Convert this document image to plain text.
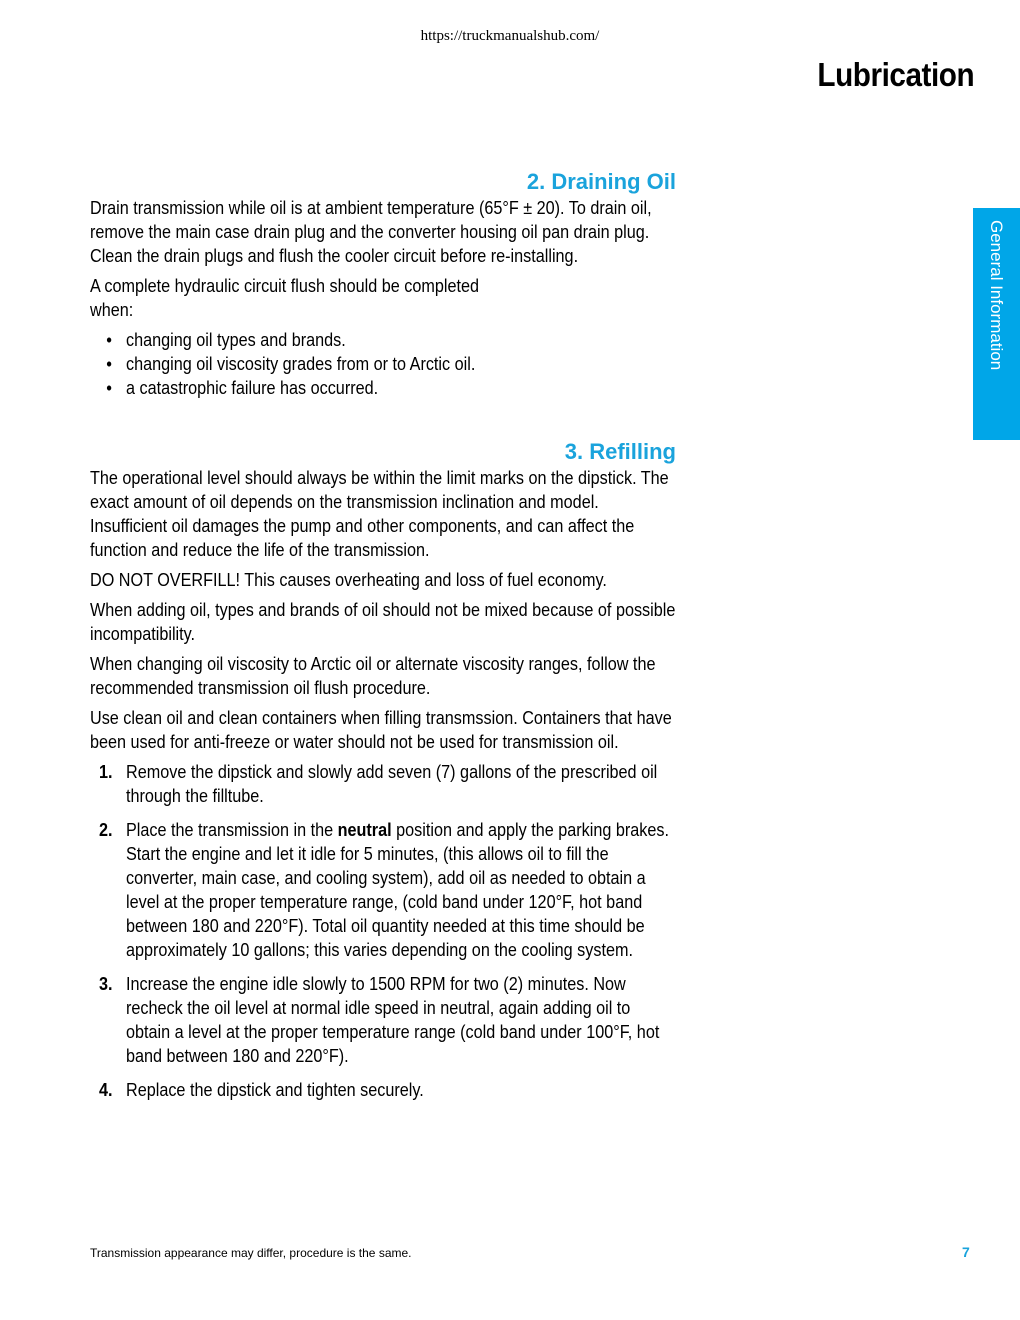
https://truckmanualshub.com/
Lubrication
General Information
2. Draining Oil

Drain transmission while oil is at ambient temperature (65°F ± 20). To drain oil, remove the main case drain plug and the converter housing oil pan drain plug. Clean the drain plugs and flush the cooler circuit before re-installing.

A complete hydraulic circuit flush should be completed when:

• changing oil types and brands.
• changing oil viscosity grades from or to Arctic oil.
• a catastrophic failure has occurred.
3. Refilling

The operational level should always be within the limit marks on the dipstick. The exact amount of oil depends on the transmission inclination and model. Insufficient oil damages the pump and other components, and can affect the function and reduce the life of the transmission.

DO NOT OVERFILL! This causes overheating and loss of fuel economy.

When adding oil, types and brands of oil should not be mixed because of possible incompatibility.

When changing oil viscosity to Arctic oil or alternate viscosity ranges, follow the recommended transmission oil flush procedure.

Use clean oil and clean containers when filling transmssion. Containers that have been used for anti-freeze or water should not be used for transmission oil.

1. Remove the dipstick and slowly add seven (7) gallons of the prescribed oil through the filltube.
2. Place the transmission in the neutral position and apply the parking brakes. Start the engine and let it idle for 5 minutes, (this allows oil to fill the converter, main case, and cooling system), add oil as needed to obtain a level at the proper temperature range, (cold band under 120°F, hot band between 180 and 220°F). Total oil quantity needed at this time should be approximately 10 gallons; this varies depending on the cooling system.
3. Increase the engine idle slowly to 1500 RPM for two (2) minutes. Now recheck the oil level at normal idle speed in neutral, again adding oil to obtain a level at the proper temperature range (cold band under 100°F, hot band between 180 and 220°F).
4. Replace the dipstick and tighten securely.
Transmission appearance may differ, procedure is the same.	7
